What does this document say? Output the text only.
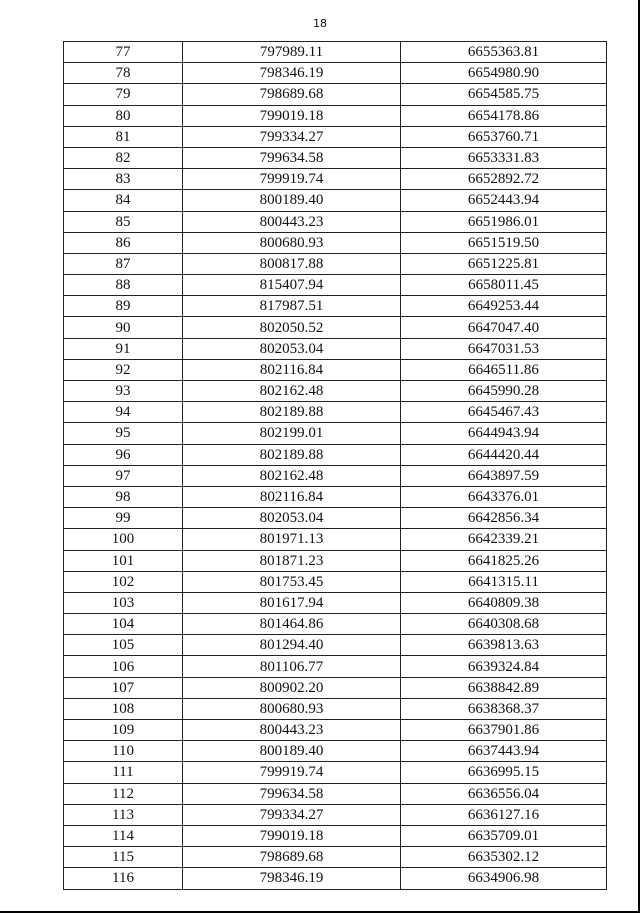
18
77	797989.11	6655363.81
78	798346.19	6654980.90
79	798689.68	6654585.75
80	799019.18	6654178.86
81	799334.27	6653760.71
82	799634.58	6653331.83
83	799919.74	6652892.72
84	800189.40	6652443.94
85	800443.23	6651986.01
86	800680.93	6651519.50
87	800817.88	6651225.81
88	815407.94	6658011.45
89	817987.51	6649253.44
90	802050.52	6647047.40
91	802053.04	6647031.53
92	802116.84	6646511.86
93	802162.48	6645990.28
94	802189.88	6645467.43
95	802199.01	6644943.94
96	802189.88	6644420.44
97	802162.48	6643897.59
98	802116.84	6643376.01
99	802053.04	6642856.34
100	801971.13	6642339.21
101	801871.23	6641825.26
102	801753.45	6641315.11
103	801617.94	6640809.38
104	801464.86	6640308.68
105	801294.40	6639813.63
106	801106.77	6639324.84
107	800902.20	6638842.89
108	800680.93	6638368.37
109	800443.23	6637901.86
110	800189.40	6637443.94
111	799919.74	6636995.15
112	799634.58	6636556.04
113	799334.27	6636127.16
114	799019.18	6635709.01
115	798689.68	6635302.12
116	798346.19	6634906.98
